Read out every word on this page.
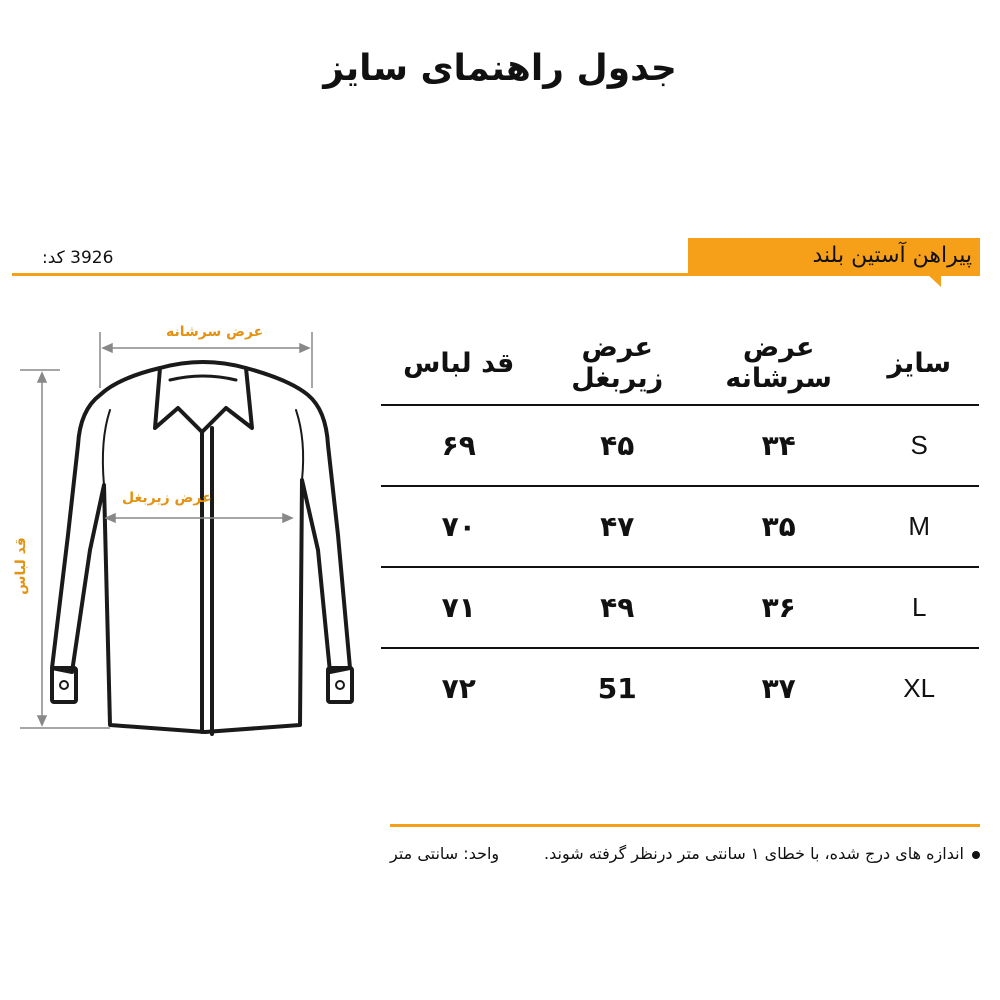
جدول راهنمای سایز
کد: 3926	پیراهن آستین بلند
عرض سرشانه
عرض زیربغل
قد لباس
سایز	عرض سرشانه	عرض زیربغل	قد لباس
S	۳۴	۴۵	۶۹
M	۳۵	۴۷	۷۰
L	۳۶	۴۹	۷۱
XL	۳۷	51	۷۲
اندازه های درج شده، با خطای ۱ سانتی متر درنظر گرفته شوند.
واحد: سانتی متر
